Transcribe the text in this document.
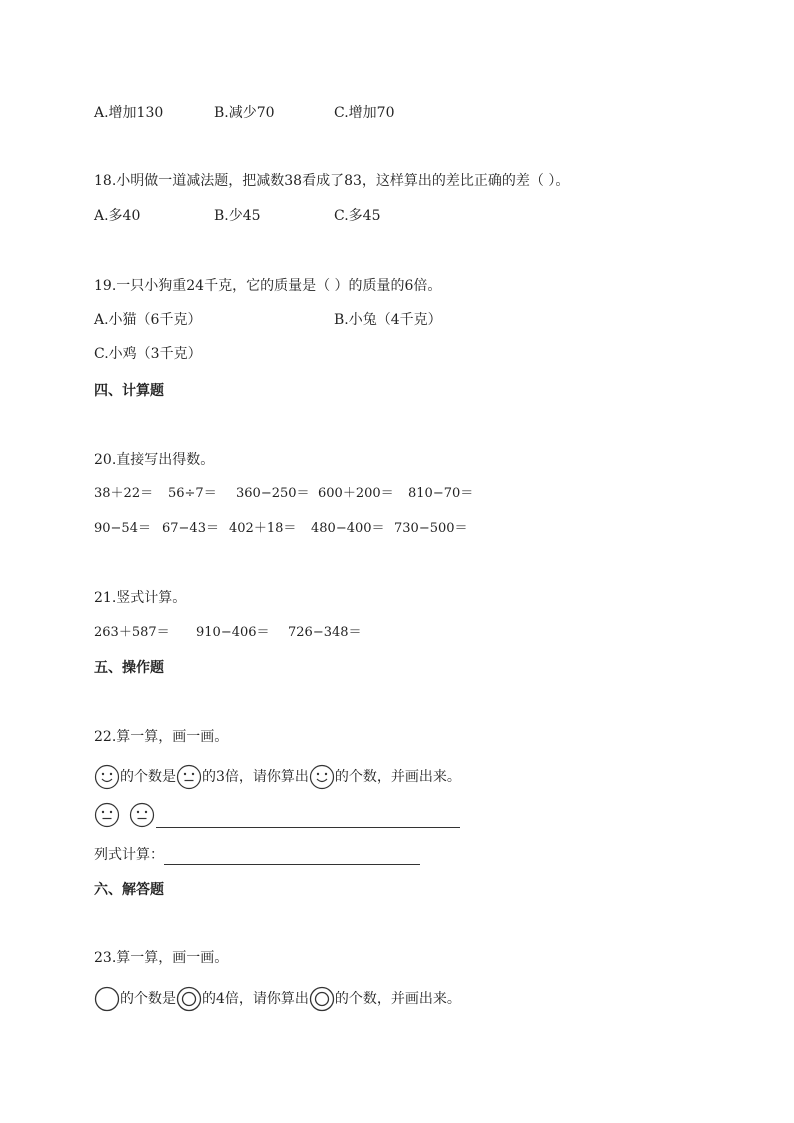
A.增加130	B.减少70	C.增加70
18.小明做一道减法题，把减数38看成了83，这样算出的差比正确的差（ ）。
A.多40	B.少45	C.多45
19.一只小狗重24千克，它的质量是（ ）的质量的6倍。
A.小猫（6千克）	B.小兔（4千克）
C.小鸡（3千克）
四、计算题
20.直接写出得数。
38＋22＝ 56÷7＝ 360−250＝ 600＋200＝ 810−70＝
90−54＝ 67−43＝ 402＋18＝ 480−400＝ 730−500＝
21.竖式计算。
263＋587＝ 910−406＝ 726−348＝
五、操作题
22.算一算，画一画。
的个数是 的3倍，请你算出 的个数，并画出来。

列式计算：
六、解答题
23.算一算，画一画。
的个数是 的4倍，请你算出 的个数，并画出来。
